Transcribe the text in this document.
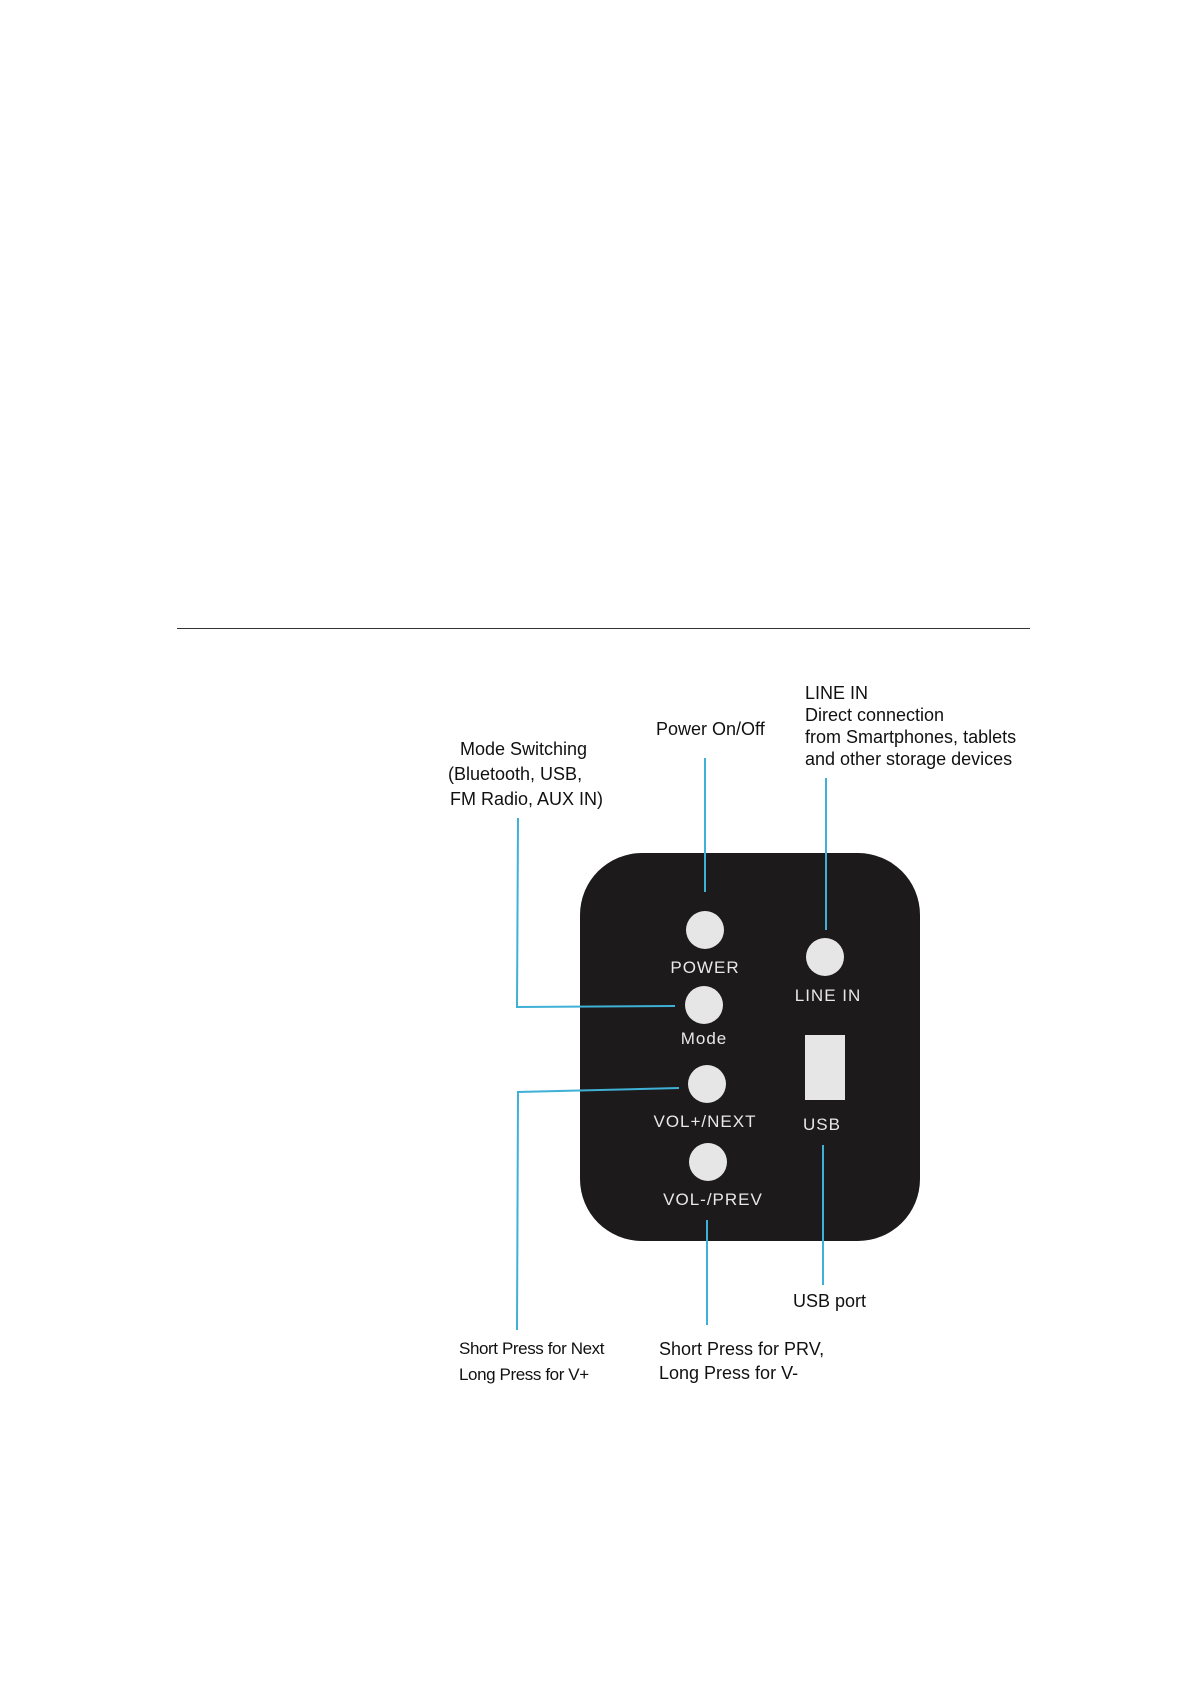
POWER
Mode
VOL+/NEXT
VOL-/PREV
LINE IN
USB
Mode Switching
(Bluetooth, USB,
FM Radio, AUX IN)
Power On/Off
LINE IN
Direct connection
from Smartphones, tablets
and other storage devices
USB port
Short Press for Next
Long Press for V+
Short Press for PRV,
Long Press for V-
